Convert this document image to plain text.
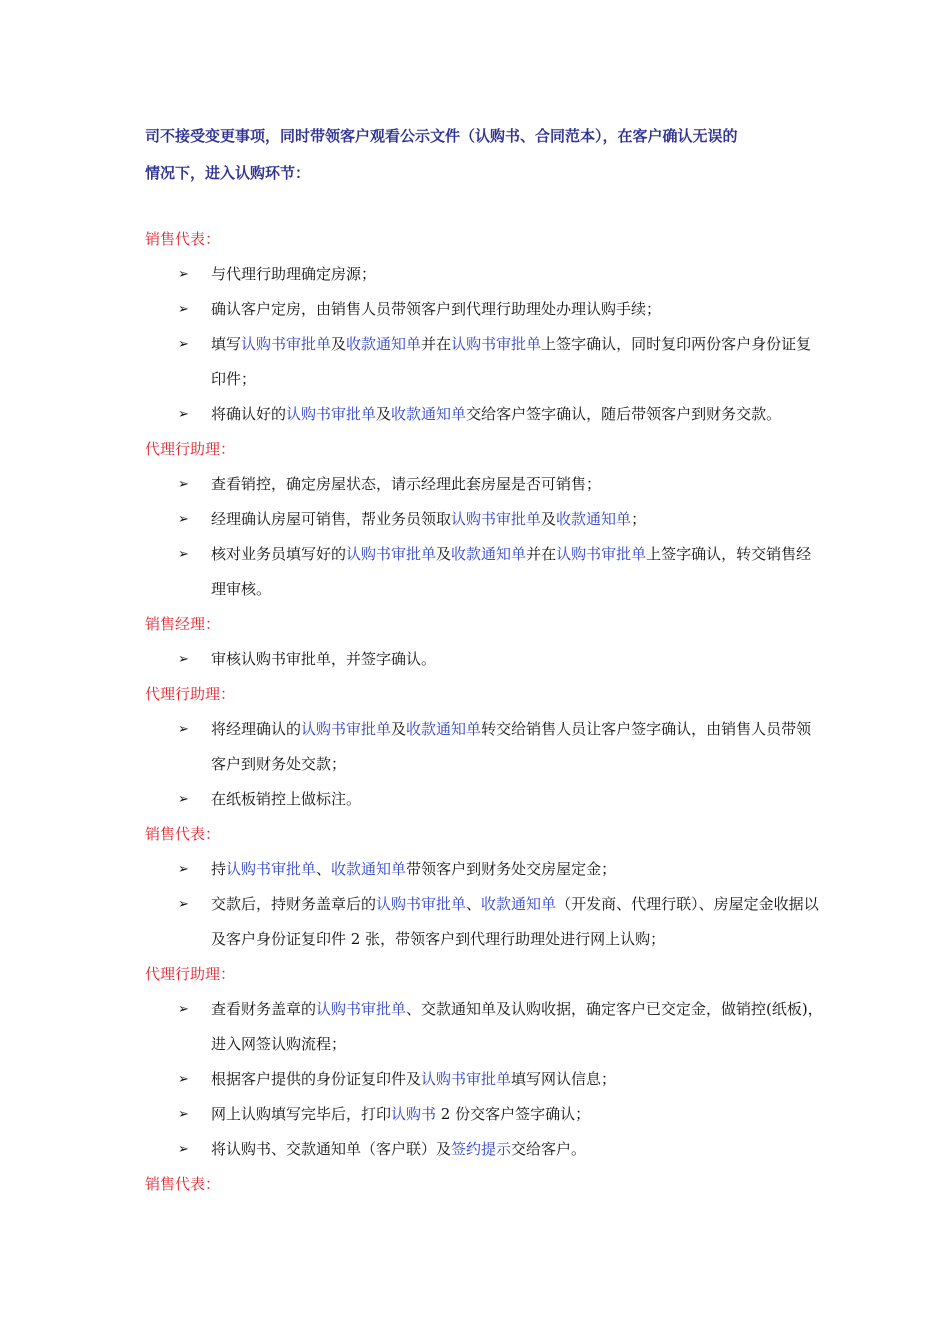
司不接受变更事项，同时带领客户观看公示文件（认购书、合同范本），在客户确认无误的
情况下，进入认购环节：
销售代表：
➢ 与代理行助理确定房源；
➢ 确认客户定房，由销售人员带领客户到代理行助理处办理认购手续；
➢ 填写认购书审批单及收款通知单并在认购书审批单上签字确认，同时复印两份客户身份证复印件；
➢ 将确认好的认购书审批单及收款通知单交给客户签字确认，随后带领客户到财务交款。
代理行助理：
➢ 查看销控，确定房屋状态，请示经理此套房屋是否可销售；
➢ 经理确认房屋可销售，帮业务员领取认购书审批单及收款通知单；
➢ 核对业务员填写好的认购书审批单及收款通知单并在认购书审批单上签字确认，转交销售经理审核。
销售经理：
➢ 审核认购书审批单，并签字确认。
代理行助理：
➢ 将经理确认的认购书审批单及收款通知单转交给销售人员让客户签字确认，由销售人员带领客户到财务处交款；
➢ 在纸板销控上做标注。
销售代表：
➢ 持认购书审批单、收款通知单带领客户到财务处交房屋定金；
➢ 交款后，持财务盖章后的认购书审批单、收款通知单（开发商、代理行联）、房屋定金收据以及客户身份证复印件 2 张，带领客户到代理行助理处进行网上认购；
代理行助理：
➢ 查看财务盖章的认购书审批单、交款通知单及认购收据，确定客户已交定金，做销控(纸板)，进入网签认购流程；
➢ 根据客户提供的身份证复印件及认购书审批单填写网认信息；
➢ 网上认购填写完毕后，打印认购书 2 份交客户签字确认；
➢ 将认购书、交款通知单（客户联）及签约提示交给客户。
销售代表：
